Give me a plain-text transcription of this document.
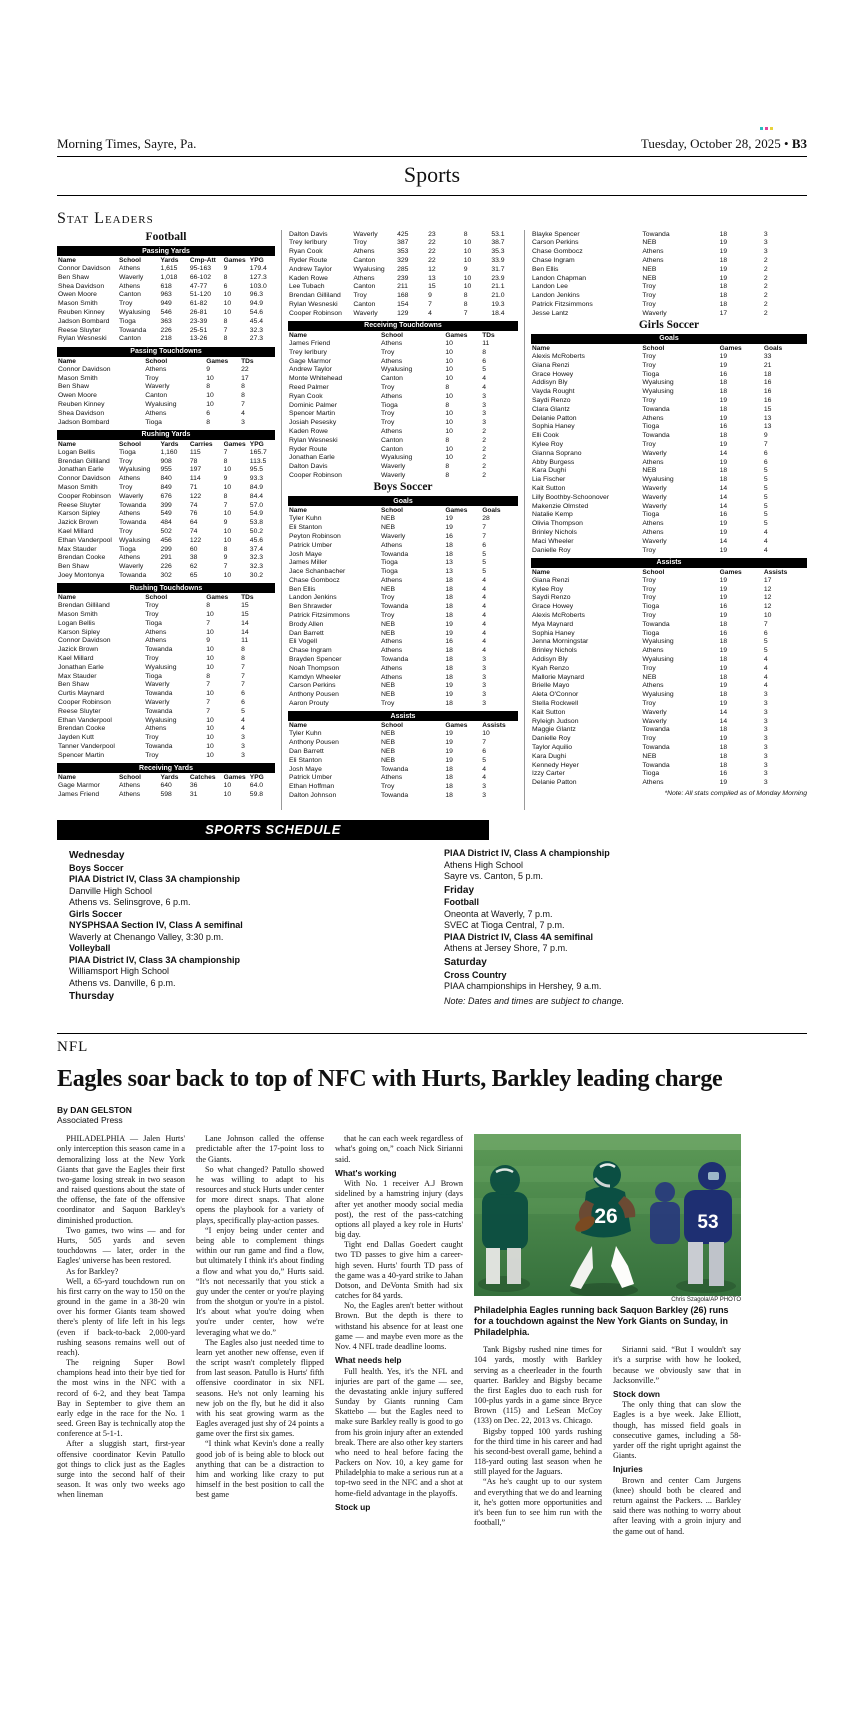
Morning Times, Sayre, Pa.	Tuesday, October 28, 2025 • B3
Sports
Stat Leaders
Football
Passing Yards
Name	School	Yards	Cmp-Att	Games	YPG
Connor Davidson	Athens	1,615	95-163	9	179.4
Ben Shaw	Waverly	1,018	66-102	8	127.3
Shea Davidson	Athens	618	47-77	6	103.0
Owen Moore	Canton	963	51-120	10	96.3
Mason Smith	Troy	949	61-82	10	94.9
Reuben Kinney	Wyalusing	546	26-81	10	54.6
Jadson Bombard	Tioga	363	23-39	8	45.4
Reese Sluyter	Towanda	226	25-51	7	32.3
Rylan Wesneski	Canton	218	13-26	8	27.3
Passing Touchdowns
Name	School	Games	TDs
Connor Davidson	Athens	9	22
Mason Smith	Troy	10	17
Ben Shaw	Waverly	8	8
Owen Moore	Canton	10	8
Reuben Kinney	Wyalusing	10	7
Shea Davidson	Athens	6	4
Jadson Bombard	Tioga	8	3
Rushing Yards
Name	School	Yards	Carries	Games	YPG
Logan Bellis	Tioga	1,160	115	7	165.7
Brendan Gilliland	Troy	908	78	8	113.5
Jonathan Earle	Wyalusing	955	197	10	95.5
Connor Davidson	Athens	840	114	9	93.3
Mason Smith	Troy	849	71	10	84.9
Cooper Robinson	Waverly	676	122	8	84.4
Reese Sluyter	Towanda	399	74	7	57.0
Karson Sipley	Athens	549	76	10	54.9
Jazick Brown	Towanda	484	64	9	53.8
Kael Millard	Troy	502	74	10	50.2
Ethan Vanderpool	Wyalusing	456	122	10	45.6
Max Stauder	Tioga	299	60	8	37.4
Brendan Cooke	Athens	291	38	9	32.3
Ben Shaw	Waverly	226	62	7	32.3
Joey Montonya	Towanda	302	65	10	30.2
Rushing Touchdowns
Name	School	Games	TDs
Brendan Gilliland	Troy	8	15
Mason Smith	Troy	10	15
Logan Bellis	Tioga	7	14
Karson Sipley	Athens	10	14
Connor Davidson	Athens	9	11
Jazick Brown	Towanda	10	8
Kael Millard	Troy	10	8
Jonathan Earle	Wyalusing	10	7
Max Stauder	Tioga	8	7
Ben Shaw	Waverly	7	7
Curtis Maynard	Towanda	10	6
Cooper Robinson	Waverly	7	6
Reese Sluyter	Towanda	7	5
Ethan Vanderpool	Wyalusing	10	4
Brendan Cooke	Athens	10	4
Jayden Kutt	Troy	10	3
Tanner Vanderpool	Towanda	10	3
Spencer Martin	Troy	10	3
Receiving Yards
Name	School	Yards	Catches	Games	YPG
Gage Marmor	Athens	640	36	10	64.0
James Friend	Athens	598	31	10	59.8
Dalton Davis	Waverly	425	23	8	53.1
Trey Ierlbury	Troy	387	22	10	38.7
Ryan Cook	Athens	353	22	10	35.3
Ryder Route	Canton	329	22	10	33.9
Andrew Taylor	Wyalusing	285	12	9	31.7
Kaden Rowe	Athens	239	13	10	23.9
Lee Tubach	Canton	211	15	10	21.1
Brendan Gilliland	Troy	168	9	8	21.0
Rylan Wesneski	Canton	154	7	8	19.3
Cooper Robinson	Waverly	129	4	7	18.4
Receiving Touchdowns
Name	School	Games	TDs
James Friend	Athens	10	11
Trey Ierlbury	Troy	10	8
Gage Marmor	Athens	10	6
Andrew Taylor	Wyalusing	10	5
Monte Whitehead	Canton	10	4
Reed Palmer	Troy	8	4
Ryan Cook	Athens	10	3
Dominic Palmer	Tioga	8	3
Spencer Martin	Troy	10	3
Josiah Pesesky	Troy	10	3
Kaden Rowe	Athens	10	2
Rylan Wesneski	Canton	8	2
Ryder Route	Canton	10	2
Jonathan Earle	Wyalusing	10	2
Dalton Davis	Waverly	8	2
Cooper Robinson	Waverly	8	2
Boys Soccer
Goals
Name	School	Games	Goals
Tyler Kuhn	NEB	19	28
Eli Stanton	NEB	19	7
Peyton Robinson	Waverly	16	7
Patrick Umber	Athens	18	6
Josh Maye	Towanda	18	5
James Miller	Tioga	13	5
Jace Schanbacher	Tioga	13	5
Chase Gombocz	Athens	18	4
Ben Ellis	NEB	18	4
Landon Jenkins	Troy	18	4
Ben Shrawder	Towanda	18	4
Patrick Fitzsimmons	Troy	18	4
Brody Allen	NEB	19	4
Dan Barrett	NEB	19	4
Eli Vogell	Athens	16	4
Chase Ingram	Athens	18	4
Brayden Spencer	Towanda	18	3
Noah Thompson	Athens	18	3
Kamdyn Wheeler	Athens	18	3
Carson Perkins	NEB	19	3
Anthony Pousen	NEB	19	3
Aaron Prouty	Troy	18	3
Assists
Name	School	Games	Assists
Tyler Kuhn	NEB	19	10
Anthony Pousen	NEB	19	7
Dan Barrett	NEB	19	6
Eli Stanton	NEB	19	5
Josh Maye	Towanda	18	4
Patrick Umber	Athens	18	4
Ethan Hoffman	Troy	18	3
Dalton Johnson	Towanda	18	3
Blayke Spencer	Towanda	18	3
Carson Perkins	NEB	19	3
Chase Gombocz	Athens	19	3
Chase Ingram	Athens	18	2
Ben Ellis	NEB	19	2
Landon Chapman	NEB	19	2
Landon Lee	Troy	18	2
Landon Jenkins	Troy	18	2
Patrick Fitzsimmons	Troy	18	2
Jesse Lantz	Waverly	17	2
Girls Soccer
Goals
Name	School	Games	Goals
Alexis McRoberts	Troy	19	33
Giana Renzi	Troy	19	21
Grace Howey	Tioga	16	18
Addisyn Bly	Wyalusing	18	16
Vayda Rought	Wyalusing	18	16
Saydi Renzo	Troy	19	16
Clara Glantz	Towanda	18	15
Delanie Patton	Athens	19	13
Sophia Haney	Tioga	16	13
Elli Cook	Towanda	18	9
Kylee Roy	Troy	19	7
Gianna Soprano	Waverly	14	6
Abby Burgess	Athens	19	6
Kara Dughi	NEB	18	5
Lia Fischer	Wyalusing	18	5
Kait Sutton	Waverly	14	5
Lilly Boothby-Schoonover	Waverly	14	5
Makenzie Olmsted	Waverly	14	5
Natalie Kemp	Tioga	16	5
Olivia Thompson	Athens	19	5
Brinley Nichols	Athens	19	4
Maci Wheeler	Waverly	14	4
Danielle Roy	Troy	19	4
Assists
Name	School	Games	Assists
Giana Renzi	Troy	19	17
Kylee Roy	Troy	19	12
Saydi Renzo	Troy	19	12
Grace Howey	Tioga	16	12
Alexis McRoberts	Troy	19	10
Mya Maynard	Towanda	18	7
Sophia Haney	Tioga	16	6
Jenna Morningstar	Wyalusing	18	5
Brinley Nichols	Athens	19	5
Addisyn Bly	Wyalusing	18	4
Kyah Renzo	Troy	19	4
Mallorie Maynard	NEB	18	4
Brielle Mayo	Athens	19	4
Aleta O'Connor	Wyalusing	18	3
Stella Rockwell	Troy	19	3
Kait Sutton	Waverly	14	3
Ryleigh Judson	Waverly	14	3
Maggie Glantz	Towanda	18	3
Danielle Roy	Troy	19	3
Taylor Aquilio	Towanda	18	3
Kara Dughi	NEB	18	3
Kennedy Heyer	Towanda	18	3
Izzy Carter	Tioga	16	3
Delanie Patton	Athens	19	3
*Note: All stats compiled as of Monday Morning
SPORTS SCHEDULE
Wednesday
Boys Soccer
PIAA District IV, Class 3A championship
Danville High School
Athens vs. Selinsgrove, 6 p.m.
Girls Soccer
NYSPHSAA Section IV, Class A semifinal
Waverly at Chenango Valley, 3:30 p.m.
Volleyball
PIAA District IV, Class 3A championship
Williamsport High School
Athens vs. Danville, 6 p.m.
Thursday
PIAA District IV, Class A championship
Athens High School
Sayre vs. Canton, 5 p.m.
Friday
Football
Oneonta at Waverly, 7 p.m.
SVEC at Tioga Central, 7 p.m.
PIAA District IV, Class 4A semifinal
Athens at Jersey Shore, 7 p.m.
Saturday
Cross Country
PIAA championships in Hershey, 9 a.m.
Note: Dates and times are subject to change.
NFL
Eagles soar back to top of NFC with Hurts, Barkley leading charge
By DAN GELSTON
Associated Press

PHILADELPHIA — Jalen Hurts' only interception this season came in a demoralizing loss at the New York Giants that gave the Eagles their first two-game losing streak in two season and raised questions about the state of the offense, the fate of the offensive coordinator and Saquon Barkley's diminished production.

Two games, two wins — and for Hurts, 505 yards and seven touchdowns — later, order in the Eagles' universe has been restored.

As for Barkley?

Well, a 65-yard touchdown run on his first carry on the way to 150 on the ground in the game in a 38-20 win over his former Giants team showed there's plenty of life left in his legs (even if back-to-back 2,000-yard rushing seasons remains well out of reach).

The reigning Super Bowl champions head into their bye tied for the most wins in the NFC with a record of 6-2, and they beat Tampa Bay in September to give them an early edge in the race for the No. 1 seed. Green Bay is technically atop the conference at 5-1-1.

After a sluggish start, first-year offensive coordinator Kevin Patullo got things to click just as the Eagles surge into the second half of their season. It was only two weeks ago when lineman

Lane Johnson called the offense predictable after the 17-point loss to the Giants.

So what changed? Patullo showed he was willing to adapt to his resources and stuck Hurts under center for more direct snaps. That alone opens the playbook for a variety of plays, specifically play-action passes.

“I enjoy being under center and being able to complement things within our run game and find a flow, but ultimately I think it's about finding a flow and what you do,” Hurts said. “It's not necessarily that you stick a guy under the center or you're playing from the shotgun or you're in a pistol. It's about what you're doing when you're under center, how we're leveraging what we do.”

The Eagles also just needed time to learn yet another new offense, even if the script wasn't completely flipped from last season. Patullo is Hurts' fifth offensive coordinator in six NFL seasons. He's not only learning his new job on the fly, but he did it also with his seat growing warm as the Eagles averaged just shy of 24 points a game over the first six games.

“I think what Kevin's done a really good job of is being able to block out anything that can be a distraction to him and working like crazy to put himself in the best position to call the best game

that he can each week regardless of what's going on,” coach Nick Sirianni said.

What's working

With No. 1 receiver A.J Brown sidelined by a hamstring injury (days after yet another moody social media post), the rest of the pass-catching options all played a key role in Hurts' big day.

Tight end Dallas Goedert caught two TD passes to give him a career-high seven. Hurts' fourth TD pass of the game was a 40-yard strike to Jahan Dotson, and DeVonta Smith had six catches for 84 yards.

No, the Eagles aren't better without Brown. But the depth is there to withstand his absence for at least one game — and maybe even more as the Nov. 4 NFL trade deadline looms.

What needs help

Full health. Yes, it's the NFL and injuries are part of the game — see, the devastating ankle injury suffered Sunday by Giants running Cam Skattebo — but the Eagles need to make sure Barkley really is good to go from his groin injury after an extended break. There are also other key starters who need to heal before facing the Packers on Nov. 10, a key game for Philadelphia to make a serious run at a top-two seed in the NFC and a shot at home-field advantage in the playoffs.

Stock up
53
26
Chris Szagola/AP PHOTO
Philadelphia Eagles running back Saquon Barkley (26) runs for a touchdown against the New York Giants on Sunday, in Philadelphia.

Tank Bigsby rushed nine times for 104 yards, mostly with Barkley serving as a cheerleader in the fourth quarter. Barkley and Bigsby became the first Eagles duo to each rush for 100-plus yards in a game since Bryce Brown (115) and LeSean McCoy (133) on Dec. 22, 2013 vs. Chicago.

Bigsby topped 100 yards rushing for the third time in his career and had his second-best overall game, behind a 118-yard outing last season when he still played for the Jaguars.

“As he's caught up to our system and everything that we do and learning it, he's gotten more opportunities and it's been fun to see him run with the football,”

Sirianni said. “But I wouldn't say it's a surprise with how he looked, because we obviously saw that in Jacksonville.”

Stock down

The only thing that can slow the Eagles is a bye week. Jake Elliott, though, has missed field goals in consecutive games, including a 58-yarder off the right upright against the Giants.

Injuries

Brown and center Cam Jurgens (knee) should both be cleared and return against the Packers. ... Barkley said there was nothing to worry about after leaving with a groin injury and the game out of hand.
